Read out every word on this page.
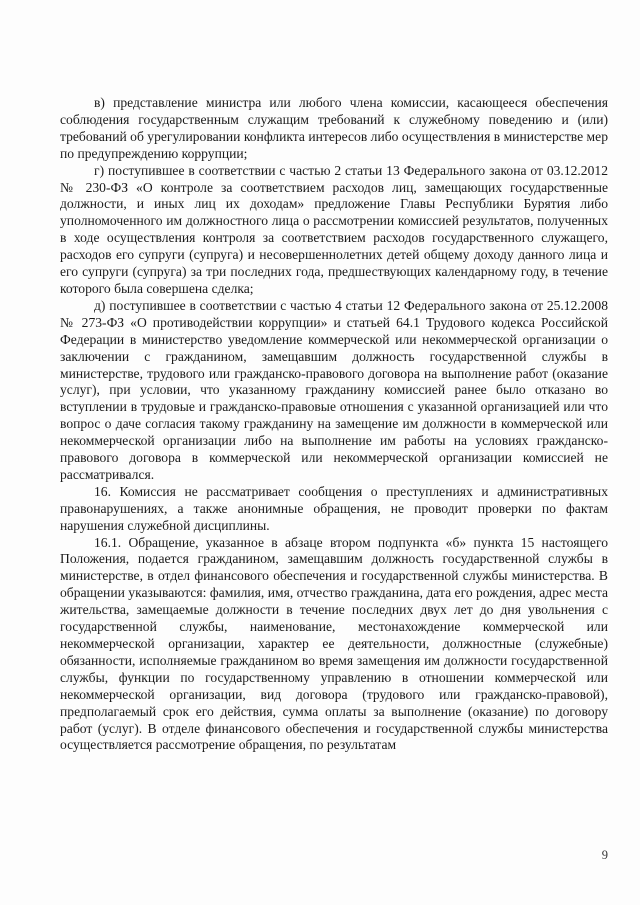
в) представление министра или любого члена комиссии, касающееся обеспечения соблюдения государственным служащим требований к служебному поведению и (или) требований об урегулировании конфликта интересов либо осуществления в министерстве мер по предупреждению коррупции;

г) поступившее в соответствии с частью 2 статьи 13 Федерального закона от 03.12.2012 № 230-ФЗ «О контроле за соответствием расходов лиц, замещающих государственные должности, и иных лиц их доходам» предложение Главы Республики Бурятия либо уполномоченного им должностного лица о рассмотрении комиссией результатов, полученных в ходе осуществления контроля за соответствием расходов государственного служащего, расходов его супруги (супруга) и несовершеннолетних детей общему доходу данного лица и его супруги (супруга) за три последних года, предшествующих календарному году, в течение которого была совершена сделка;

д) поступившее в соответствии с частью 4 статьи 12 Федерального закона от 25.12.2008 № 273-ФЗ «О противодействии коррупции» и статьей 64.1 Трудового кодекса Российской Федерации в министерство уведомление коммерческой или некоммерческой организации о заключении с гражданином, замещавшим должность государственной службы в министерстве, трудового или гражданско-правового договора на выполнение работ (оказание услуг), при условии, что указанному гражданину комиссией ранее было отказано во вступлении в трудовые и гражданско-правовые отношения с указанной организацией или что вопрос о даче согласия такому гражданину на замещение им должности в коммерческой или некоммерческой организации либо на выполнение им работы на условиях гражданско-правового договора в коммерческой или некоммерческой организации комиссией не рассматривался.

16. Комиссия не рассматривает сообщения о преступлениях и административных правонарушениях, а также анонимные обращения, не проводит проверки по фактам нарушения служебной дисциплины.

16.1. Обращение, указанное в абзаце втором подпункта «б» пункта 15 настоящего Положения, подается гражданином, замещавшим должность государственной службы в министерстве, в отдел финансового обеспечения и государственной службы министерства. В обращении указываются: фамилия, имя, отчество гражданина, дата его рождения, адрес места жительства, замещаемые должности в течение последних двух лет до дня увольнения с государственной службы, наименование, местонахождение коммерческой или некоммерческой организации, характер ее деятельности, должностные (служебные) обязанности, исполняемые гражданином во время замещения им должности государственной службы, функции по государственному управлению в отношении коммерческой или некоммерческой организации, вид договора (трудового или гражданско-правовой), предполагаемый срок его действия, сумма оплаты за выполнение (оказание) по договору работ (услуг). В отделе финансового обеспечения и государственной службы министерства осуществляется рассмотрение обращения, по результатам

9
